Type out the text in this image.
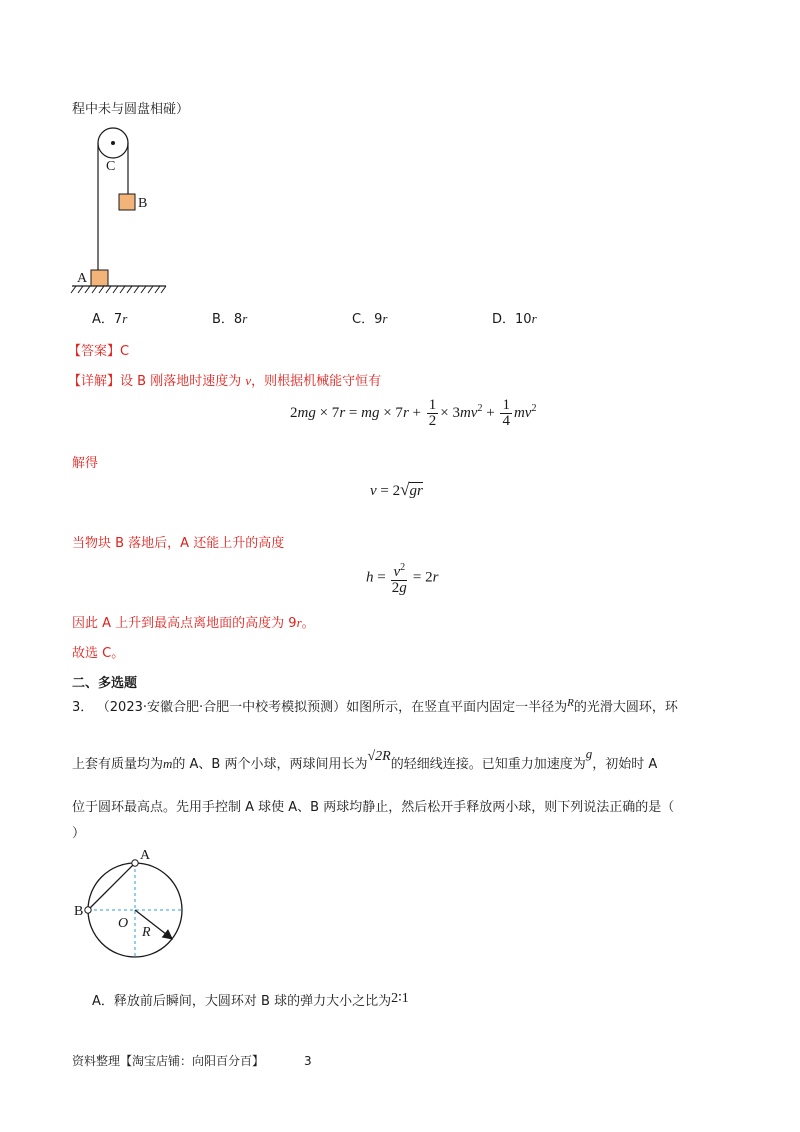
程中未与圆盘相碰）
C
B
A
A．7r	B．8r	C．9r	D．10r
【答案】C
【详解】设 B 刚落地时速度为 v，则根据机械能守恒有
2mg × 7r = mg × $7r + \frac{1}{2} \times 3mv^2 + \frac{1}{4} mv^2$
解得
v = 2√gr
当物块 B 落地后，A 还能上升的高度
$h = \frac{v^2}{2g} = 2r$
因此 A 上升到最高点离地面的高度为 9r。
故选 C。
二、多选题
3． （2023·安徽合肥·合肥一中校考模拟预测）如图所示，在竖直平面内固定一半径为$^R$的光滑大圆环，环
上套有质量均为m的 A、B 两个小球，两球间用长为√2R的轻细线连接。已知重力加速度为g，初始时 A
位于圆环最高点。先用手控制 A 球使 A、B 两球均静止，然后松开手释放两小球，则下列说法正确的是（
）
A
B
O
R
A．释放前后瞬间，大圆环对 B 球的弹力大小之比为2∶1
资料整理【淘宝店铺：向阳百分百】	3
